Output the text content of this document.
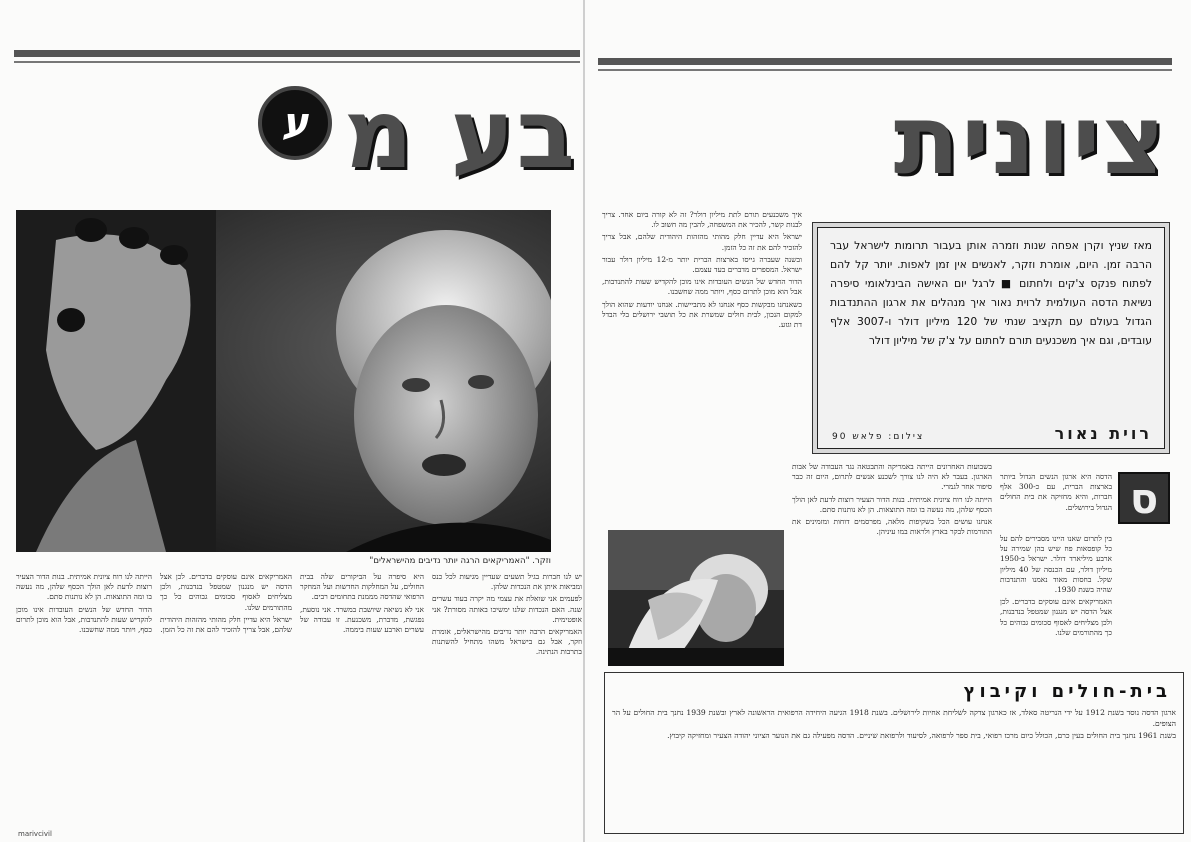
ציונית
בע מ
ע
וזקר. "האמריקאים הרגה יותר נדיבים מהישראלים"
מאז שניץ וקרן אפחה שנות וזמרה אותן בעבור תרומות לישראל עבר הרבה זמן. היום, אומרת וזקר, לאנשים אין זמן לאפות. יותר קל להם לפתוח פנקס צ'קים ולחתום ■ לרגל יום האישה הבינלאומי סיפרה נשיאת הדסה העולמית לרוית נאור איך מנהלים את ארגון ההתנדבות הגדול בעולם עם תקציב שנתי של 120 מיליון דולר ו-3007 אלף עובדים, וגם איך משכנעים תורם לחתום על צ'ק של מיליון דולר
רוית נאור
צילום: פלאש 90
ס
בית-חולים וקיבוץ

בין לתרום שאנו היינו מסבירים להם על כל קופסאות פח שיש בהן שמירה על ארבע מיליארד דולר. ישראל ב-1950 מיליון דולר, עם הכנסה של 40 מיליון שקל. בחסות מאוד נאמנו והתנדבות שהיה בשנת 1930.

האמריקאים אינם עוסקים בדברים. לכן אצל הדסה יש מנגנון שמטפל בנדבנות, ולכן מצליחים לאסוף סכומים גבוהים כל כך מהתורמים שלנו.

הדסה היא ארגון הנשים הגדול ביותר בארצות הברית, עם כ-300 אלף חברות, והיא מחזיקה את בית החולים הגדול בירושלים.

בשבועות האחרונים הייתה באמריקה והתבטאה נגד העבודה של אבות הארגון. בעבר לא היה לנו צורך לשכנע אנשים לתרום, היום זה כבר סיפור אחר לגמרי.

הייתה לנו רוח ציונית אמיתית. בנות הדור הצעיר רוצות לדעת לאן הולך הכסף שלהן, מה נעשה בו ומה התוצאות. הן לא נותנות סתם.

אנחנו עושים הכל בשקיפות מלאה, מפרסמים דוחות ומזמינים את התורמות לבקר בארץ ולראות במו עיניהן.

איך משכנעים תורם לתת מיליון דולר? זה לא קורה ביום אחד. צריך לבנות קשר, להכיר את המשפחה, להבין מה חשוב לו.

ישראל היא עדיין חלק מהותי מהזהות היהודית שלהם, אבל צריך להזכיר להם את זה כל הזמן.

ובשנה שעברה גייסו בארצות הברית יותר מ-12 מיליון דולר עבור ישראל. המספרים מדברים בעד עצמם.

הדור החדש של הנשים העובדות אינו מוכן להקדיש שעות להתנדבות, אבל הוא מוכן לתרום כסף, ויותר ממה שחשבנו.

כשאנחנו מבקשות כסף אנחנו לא מתביישות. אנחנו יודעות שהוא הולך למקום הנכון, לבית חולים שמשרת את כל תושבי ירושלים בלי הבדל דת וגזע.

ארגון הדסה נוסד בשנת 1912 על ידי הנריטה סאלד, אז כארגון צדקה לשליחת אחיות לירושלים. בשנת 1918 הגיעה היחידה הרפואית הראשונה לארץ ובשנת 1939 נחנך בית החולים על הר הצופים.

בשנת 1961 נחנך בית החולים בעין כרם, הכולל כיום מרכז רפואי, בית ספר לרפואה, לסיעוד ולרפואת שיניים. הדסה מפעילה גם את הנוער הציוני יהודה הצעיר ומחזיקה קיבוץ.

יש לנו חברות בגיל תשעים שעדיין מגיעות לכל כנס ומביאות איתן את הנכדות שלהן.

לפעמים אני שואלת את עצמי מה יקרה בעוד עשרים שנה. האם הנכדות שלנו ימשיכו באותה מסורת? אני אופטימית.

האמריקאים הרבה יותר נדיבים מהישראלים, אומרת וזקר, אבל גם בישראל משהו מתחיל להשתנות בתרבות הנתינה.

היא סיפרה על הביקורים שלה בבית החולים, על המחלקות החדשות ועל המחקר הרפואי שהדסה מממנת בתחומים רבים.

אני לא נשיאה שיושבת במשרד. אני נוסעת, נפגשת, מדברת, משכנעת. זו עבודה של עשרים וארבע שעות ביממה.

האמריקאים אינם עוסקים בדברים. לכן אצל הדסה יש מנגנון שמטפל בנדבנות, ולכן מצליחים לאסוף סכומים גבוהים כל כך מהתורמים שלנו.

ישראל היא עדיין חלק מהותי מהזהות היהודית שלהם, אבל צריך להזכיר להם את זה כל הזמן.

הייתה לנו רוח ציונית אמיתית. בנות הדור הצעיר רוצות לדעת לאן הולך הכסף שלהן, מה נעשה בו ומה התוצאות. הן לא נותנות סתם.

הדור החדש של הנשים העובדות אינו מוכן להקדיש שעות להתנדבות, אבל הוא מוכן לתרום כסף, ויותר ממה שחשבנו.

marivcivil
